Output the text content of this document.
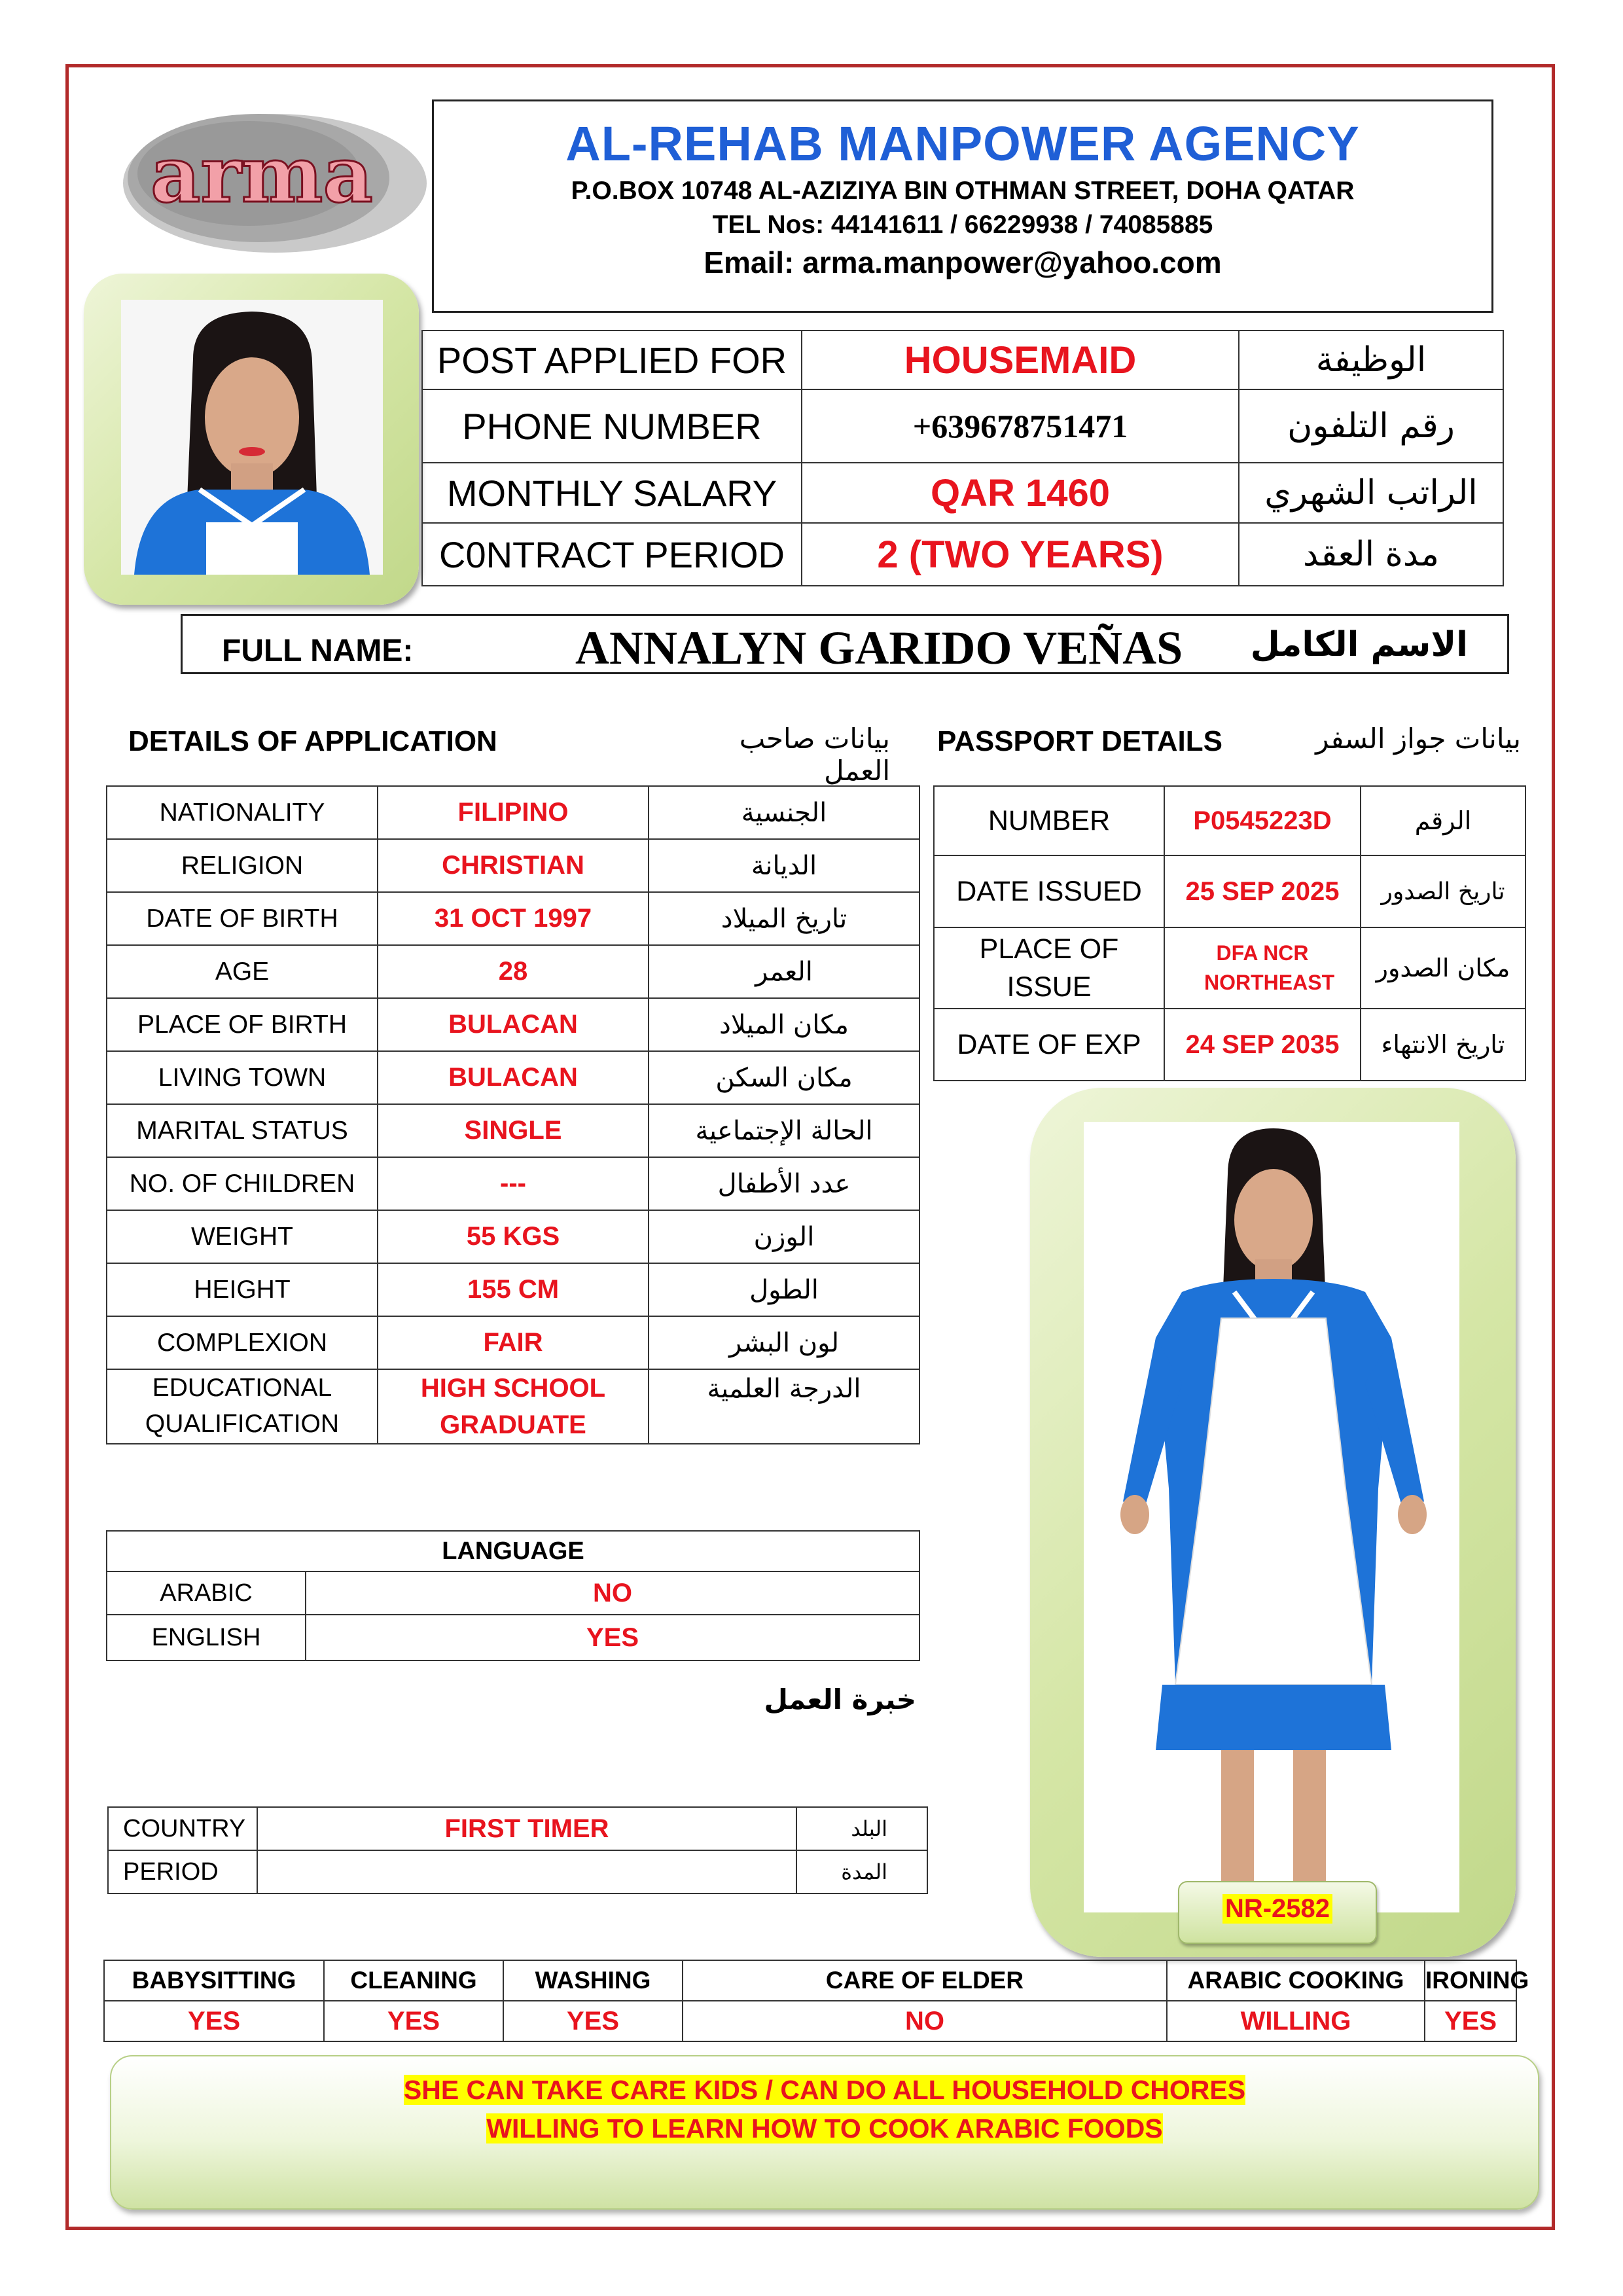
arma	AL-REHAB MANPOWER AGENCY
P.O.BOX 10748 AL-AZIZIYA BIN OTHMAN STREET, DOHA QATAR
TEL Nos: 44141611 / 66229938 / 74085885
Email: arma.manpower@yahoo.com
POST APPLIED FOR	HOUSEMAID	الوظيفة
PHONE NUMBER	+639678751471	رقم التلفون
MONTHLY SALARY	QAR 1460	الراتب الشهري
C0NTRACT PERIOD	2 (TWO YEARS)	مدة العقد
FULL NAME:	ANNALYN GARIDO VEÑAS الاسم الكامل
DETAILS OF APPLICATION	بيانات صاحب العمل
PASSPORT DETAILS	بيانات جواز السفر
NATIONALITY	FILIPINO	الجنسية
RELIGION	CHRISTIAN	الديانة
DATE OF BIRTH	31 OCT 1997	تاريخ الميلاد
AGE	28	العمر
PLACE OF BIRTH	BULACAN	مكان الميلاد
LIVING TOWN	BULACAN	مكان السكن
MARITAL STATUS	SINGLE	الحالة الإجتماعية
NO. OF CHILDREN	---	عدد الأطفال
WEIGHT	55 KGS	الوزن
HEIGHT	155 CM	الطول
COMPLEXION	FAIR	لون البشر
EDUCATIONAL QUALIFICATION	HIGH SCHOOL GRADUATE	الدرجة العلمية
NUMBER	P0545223D	الرقم
DATE ISSUED	25 SEP 2025	تاريخ الصدور
PLACE OF ISSUE	DFA NCR NORTHEAST	مكان الصدور
DATE OF EXP	24 SEP 2035	تاريخ الانتهاء
NR-2582
LANGUAGE	
ARABIC	NO
ENGLISH	YES
خبرة العمل
COUNTRY	FIRST TIMER	البلد
PERIOD		المدة
BABYSITTING	CLEANING	WASHING	CARE OF ELDER	ARABIC COOKING	IRONING
YES	YES	YES	NO	WILLING	YES
SHE CAN TAKE CARE KIDS / CAN DO ALL HOUSEHOLD CHORES
WILLING TO LEARN HOW TO COOK ARABIC FOODS
